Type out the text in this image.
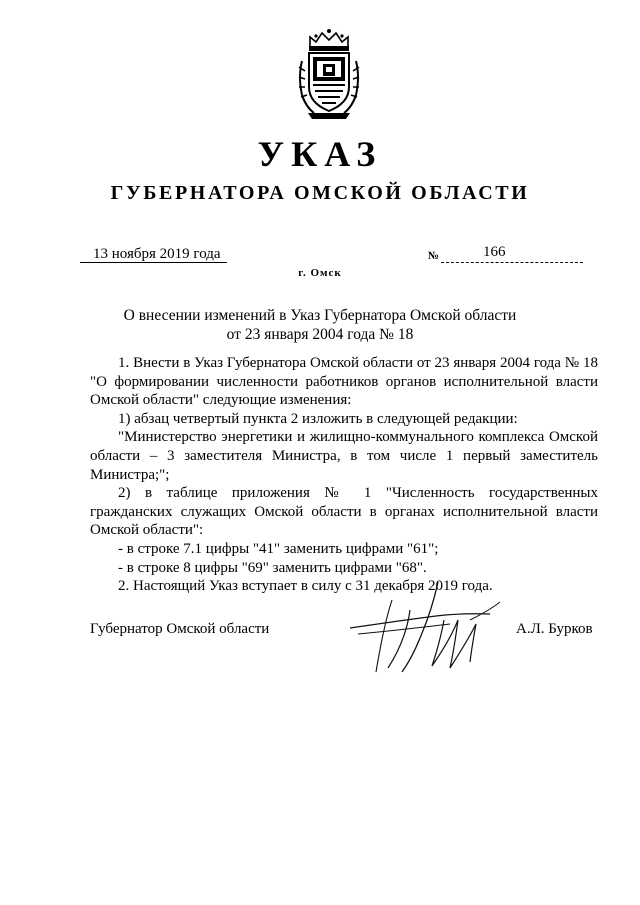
УКАЗ
ГУБЕРНАТОРА ОМСКОЙ ОБЛАСТИ
13 ноября 2019 года	№	166
г. Омск
О внесении изменений в Указ Губернатора Омской области
от 23 января 2004 года № 18

1. Внести в Указ Губернатора Омской области от 23 января 2004 года № 18 "О формировании численности работников органов исполнительной власти Омской области" следующие изменения:

1) абзац четвертый пункта 2 изложить в следующей редакции:

"Министерство энергетики и жилищно-коммунального комплекса Омской области – 3 заместителя Министра, в том числе 1 первый заместитель Министра;";

2) в таблице приложения № 1 "Численность государственных гражданских служащих Омской области в органах исполнительной власти Омской области":

- в строке 7.1 цифры "41" заменить цифрами "61";

- в строке 8 цифры "69" заменить цифрами "68".

2. Настоящий Указ вступает в силу с 31 декабря 2019 года.

Губернатор Омской области	А.Л. Бурков
